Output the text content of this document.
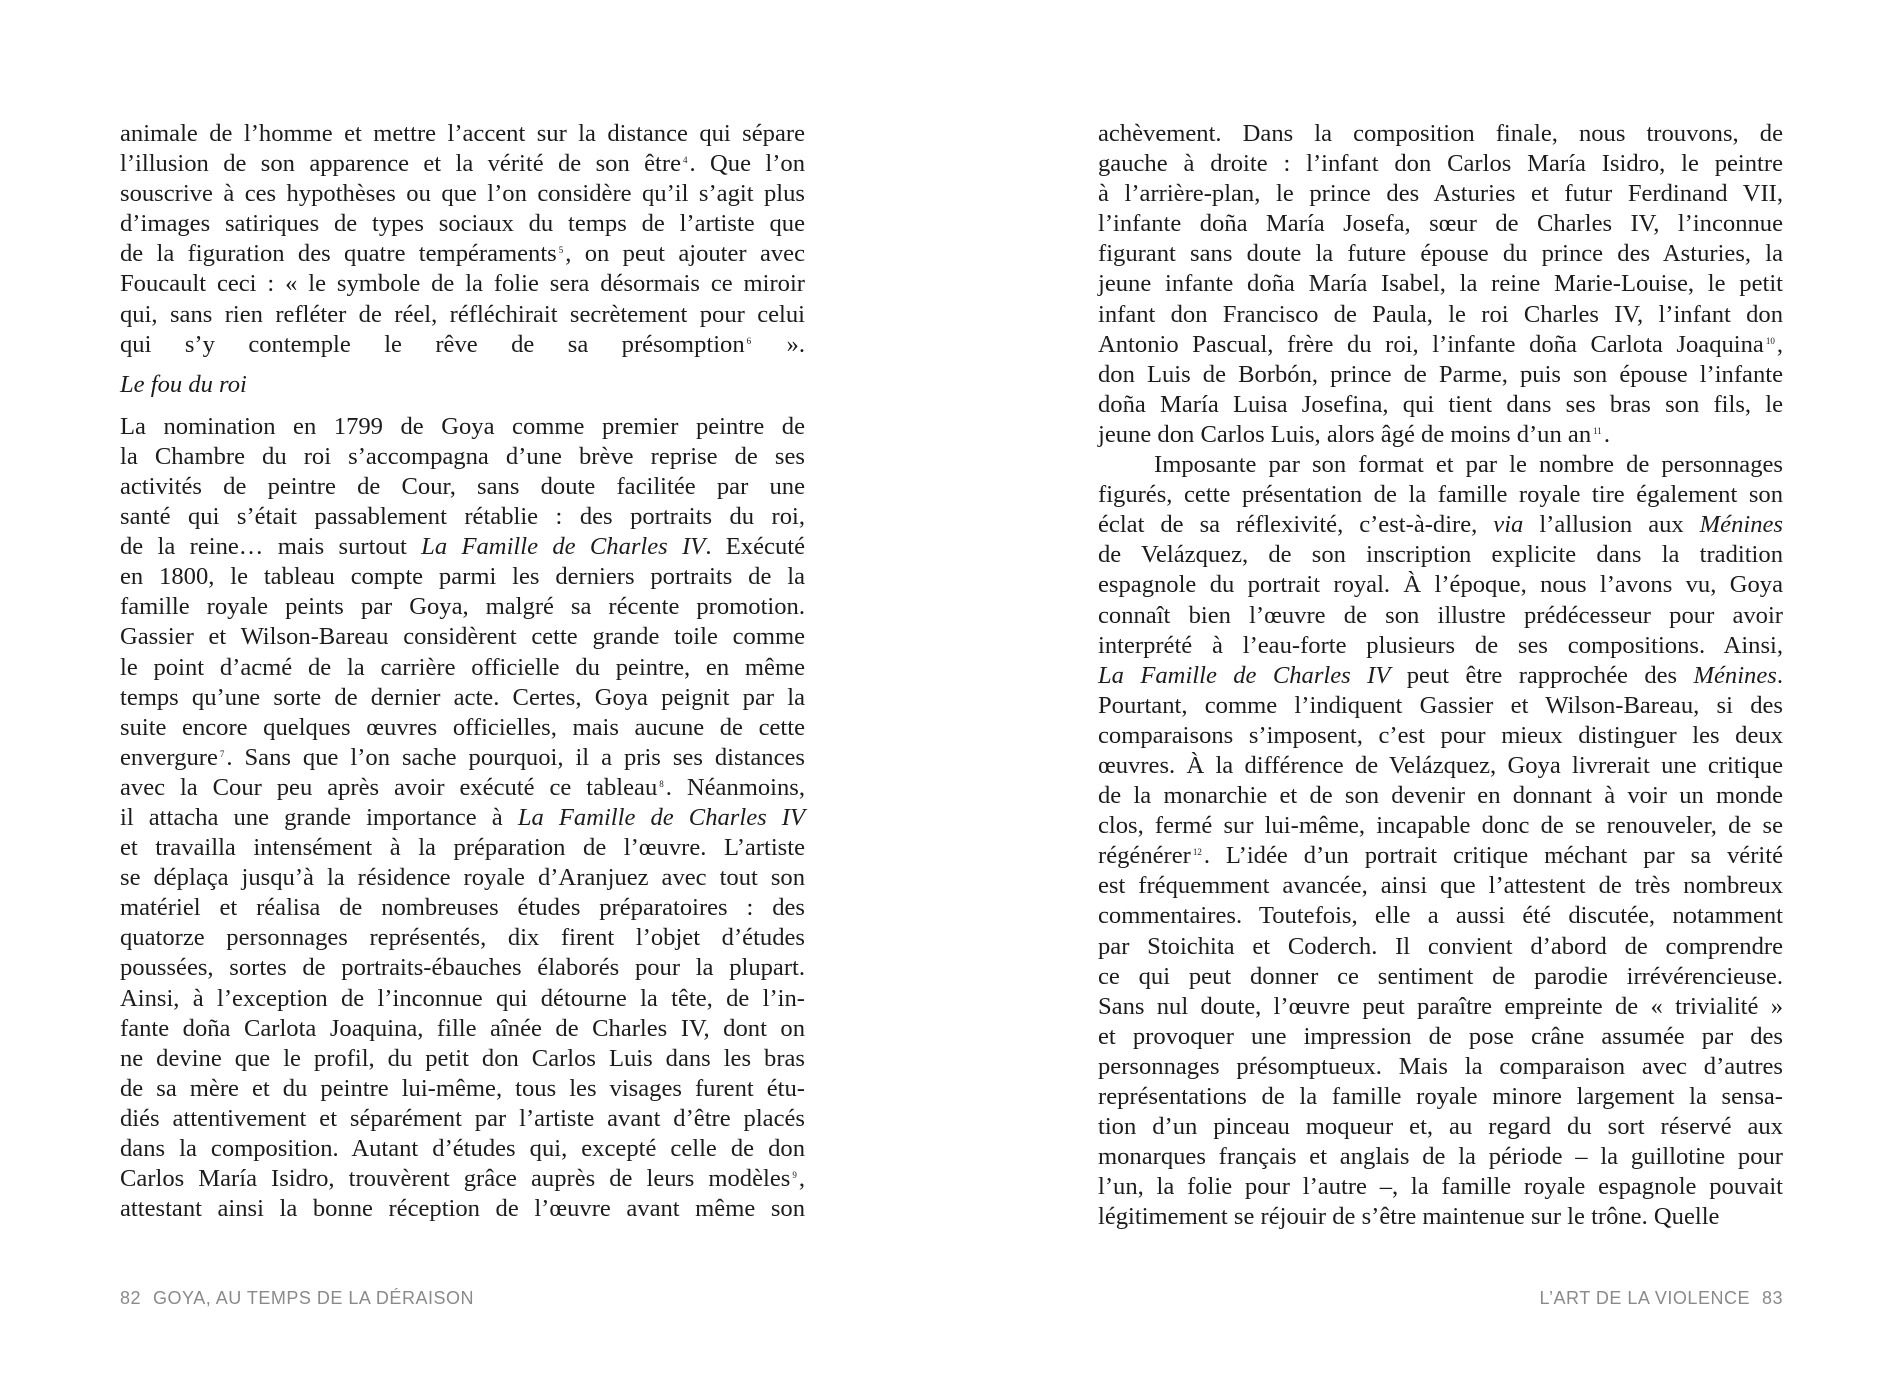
animale de l’homme et mettre l’accent sur la distance qui sépare
l’illusion de son apparence et la vérité de son être $^4$. Que l’on
souscrive à ces hypothèses ou que l’on considère qu’il s’agit plus
d’images satiriques de types sociaux du temps de l’artiste que
de la figuration des quatre tempéraments $^5$, on peut ajouter avec
Foucault ceci : « le symbole de la folie sera désormais ce miroir
qui, sans rien refléter de réel, réfléchirait secrètement pour celui
qui s’y contemple le rêve de sa présomption $^6$ ».
Le fou du roi
La nomination en 1799 de Goya comme premier peintre de
la Chambre du roi s’accompagna d’une brève reprise de ses
activités de peintre de Cour, sans doute facilitée par une
santé qui s’était passablement rétablie : des portraits du roi,
de la reine… mais surtout La Famille de Charles IV. Exécuté
en 1800, le tableau compte parmi les derniers portraits de la
famille royale peints par Goya, malgré sa récente promotion.
Gassier et Wilson-Bareau considèrent cette grande toile comme
le point d’acmé de la carrière officielle du peintre, en même
temps qu’une sorte de dernier acte. Certes, Goya peignit par la
suite encore quelques œuvres officielles, mais aucune de cette
envergure $^7$. Sans que l’on sache pourquoi, il a pris ses distances
avec la Cour peu après avoir exécuté ce tableau $^8$. Néanmoins,
il attacha une grande importance à La Famille de Charles IV
et travailla intensément à la préparation de l’œuvre. L’artiste
se déplaça jusqu’à la résidence royale d’Aranjuez avec tout son
matériel et réalisa de nombreuses études préparatoires : des
quatorze personnages représentés, dix firent l’objet d’études
poussées, sortes de portraits-ébauches élaborés pour la plupart.
Ainsi, à l’exception de l’inconnue qui détourne la tête, de l’in-
fante doña Carlota Joaquina, fille aînée de Charles IV, dont on
ne devine que le profil, du petit don Carlos Luis dans les bras
de sa mère et du peintre lui-même, tous les visages furent étu-
diés attentivement et séparément par l’artiste avant d’être placés
dans la composition. Autant d’études qui, excepté celle de don
Carlos María Isidro, trouvèrent grâce auprès de leurs modèles $^9$,
attestant ainsi la bonne réception de l’œuvre avant même son
achèvement. Dans la composition finale, nous trouvons, de
gauche à droite : l’infant don Carlos María Isidro, le peintre
à l’arrière-plan, le prince des Asturies et futur Ferdinand VII,
l’infante doña María Josefa, sœur de Charles IV, l’inconnue
figurant sans doute la future épouse du prince des Asturies, la
jeune infante doña María Isabel, la reine Marie-Louise, le petit
infant don Francisco de Paula, le roi Charles IV, l’infant don
Antonio Pascual, frère du roi, l’infante doña Carlota Joaquina $^{10}$,
don Luis de Borbón, prince de Parme, puis son épouse l’infante
doña María Luisa Josefina, qui tient dans ses bras son fils, le
jeune don Carlos Luis, alors âgé de moins d’un an $^{11}$.
Imposante par son format et par le nombre de personnages
figurés, cette présentation de la famille royale tire également son
éclat de sa réflexivité, c’est-à-dire, via l’allusion aux Ménines
de Velázquez, de son inscription explicite dans la tradition
espagnole du portrait royal. À l’époque, nous l’avons vu, Goya
connaît bien l’œuvre de son illustre prédécesseur pour avoir
interprété à l’eau-forte plusieurs de ses compositions. Ainsi,
La Famille de Charles IV peut être rapprochée des Ménines.
Pourtant, comme l’indiquent Gassier et Wilson-Bareau, si des
comparaisons s’imposent, c’est pour mieux distinguer les deux
œuvres. À la différence de Velázquez, Goya livrerait une critique
de la monarchie et de son devenir en donnant à voir un monde
clos, fermé sur lui-même, incapable donc de se renouveler, de se
régénérer $^{12}$. L’idée d’un portrait critique méchant par sa vérité
est fréquemment avancée, ainsi que l’attestent de très nombreux
commentaires. Toutefois, elle a aussi été discutée, notamment
par Stoichita et Coderch. Il convient d’abord de comprendre
ce qui peut donner ce sentiment de parodie irrévérencieuse.
Sans nul doute, l’œuvre peut paraître empreinte de « trivialité »
et provoquer une impression de pose crâne assumée par des
personnages présomptueux. Mais la comparaison avec d’autres
représentations de la famille royale minore largement la sensa-
tion d’un pinceau moqueur et, au regard du sort réservé aux
monarques français et anglais de la période – la guillotine pour
l’un, la folie pour l’autre –, la famille royale espagnole pouvait
légitimement se réjouir de s’être maintenue sur le trône. Quelle
82 GOYA, AU TEMPS DE LA DÉRAISON	L’ART DE LA VIOLENCE 83
